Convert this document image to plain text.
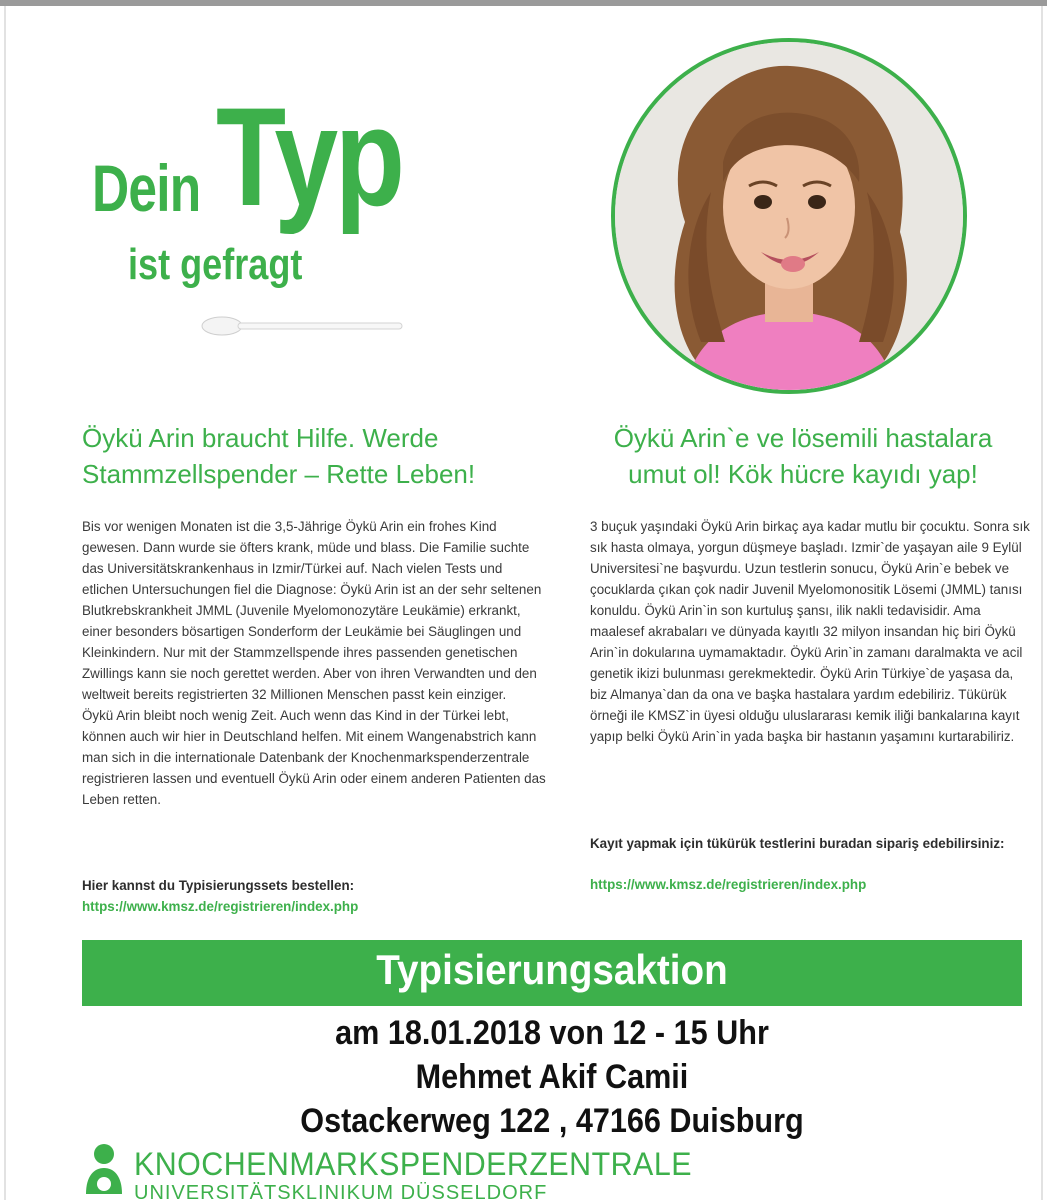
Dein Typ
ist gefragt
Öykü Arin braucht Hilfe. Werde Stammzellspender – Rette Leben!
Öykü Arin`e ve lösemili hastalara umut ol! Kök hücre kayıdı yap!

Bis vor wenigen Monaten ist die 3,5-Jährige Öykü Arin ein frohes Kind gewesen. Dann wurde sie öfters krank, müde und blass. Die Familie suchte das Universitätskrankenhaus in Izmir/Türkei auf. Nach vielen Tests und etlichen Untersuchungen fiel die Diagnose: Öykü Arin ist an der sehr seltenen Blutkrebskrankheit JMML (Juvenile Myelomonozytäre Leukämie) erkrankt, einer besonders bösartigen Sonderform der Leukämie bei Säuglingen und Kleinkindern. Nur mit der Stammzellspende ihres passenden genetischen Zwillings kann sie noch gerettet werden. Aber von ihren Verwandten und den weltweit bereits registrierten 32 Millionen Menschen passt kein einziger.

Öykü Arin bleibt noch wenig Zeit. Auch wenn das Kind in der Türkei lebt, können auch wir hier in Deutschland helfen. Mit einem Wangenabstrich kann man sich in die internationale Datenbank der Knochenmarkspenderzentrale registrieren lassen und eventuell Öykü Arin oder einem anderen Patienten das Leben retten.

Hier kannst du Typisierungssets bestellen:
https://www.kmsz.de/registrieren/index.php

3 buçuk yaşındaki Öykü Arin birkaç aya kadar mutlu bir çocuktu. Sonra sık sık hasta olmaya, yorgun düşmeye başladı. Izmir`de yaşayan aile 9 Eylül Universitesi`ne başvurdu. Uzun testlerin sonucu, Öykü Arin`e bebek ve çocuklarda çıkan çok nadir Juvenil Myelomonositik Lösemi (JMML) tanısı konuldu. Öykü Arin`in son kurtuluş şansı, ilik nakli tedavisidir. Ama maalesef akrabaları ve dünyada kayıtlı 32 milyon insandan hiç biri Öykü Arin`in dokularına uymamaktadır. Öykü Arin`in zamanı daralmakta ve acil genetik ikizi bulunması gerekmektedir. Öykü Arin Türkiye`de yaşasa da, biz Almanya`dan da ona ve başka hastalara yardım edebiliriz. Tükürük örneği ile KMSZ`in üyesi olduğu uluslararası kemik iliği bankalarına kayıt yapıp belki Öykü Arin`in yada başka bir hastanın yaşamını kurtarabiliriz.

Kayıt yapmak için tükürük testlerini buradan sipariş edebilirsiniz:
https://www.kmsz.de/registrieren/index.php
Typisierungsaktion
am 18.01.2018 von 12 - 15 Uhr
Mehmet Akif Camii
Ostackerweg 122 , 47166 Duisburg
KNOCHENMARKSPENDERZENTRALE
UNIVERSITÄTSKLINIKUM DÜSSELDORF
